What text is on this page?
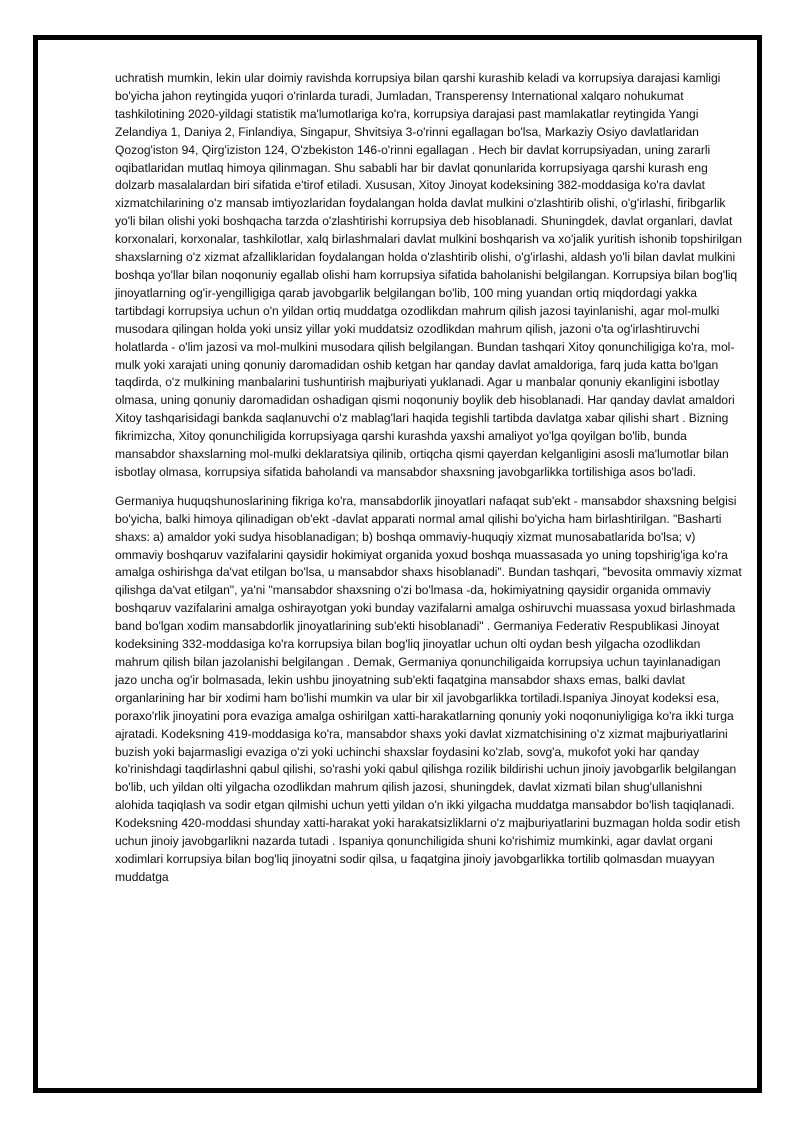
uchratish mumkin, lekin ular doimiy ravishda korrupsiya bilan qarshi kurashib keladi va korrupsiya darajasi kamligi bo'yicha jahon reytingida yuqori o'rinlarda turadi, Jumladan, Transperensy International xalqaro nohukumat tashkilotining 2020-yildagi statistik ma'lumotlariga ko'ra, korrupsiya darajasi past mamlakatlar reytingida Yangi Zelandiya 1, Daniya 2, Finlandiya, Singapur, Shvitsiya 3-o'rinni egallagan bo'lsa, Markaziy Osiyo davlatlaridan Qozog'iston 94, Qirg'iziston 124, O'zbekiston 146-o'rinni egallagan . Hech bir davlat korrupsiyadan, uning zararli oqibatlaridan mutlaq himoya qilinmagan. Shu sababli har bir davlat qonunlarida korrupsiyaga qarshi kurash eng dolzarb masalalardan biri sifatida e'tirof etiladi. Xususan, Xitoy Jinoyat kodeksining 382-moddasiga ko'ra davlat xizmatchilarining o'z mansab imtiyozlaridan foydalangan holda davlat mulkini o'zlashtirib olishi, o'g'irlashi, firibgarlik yo'li bilan olishi yoki boshqacha tarzda o'zlashtirishi korrupsiya deb hisoblanadi. Shuningdek, davlat organlari, davlat korxonalari, korxonalar, tashkilotlar, xalq birlashmalari davlat mulkini boshqarish va xo'jalik yuritish ishonib topshirilgan shaxslarning o'z xizmat afzalliklaridan foydalangan holda o'zlashtirib olishi, o'g'irlashi, aldash yo'li bilan davlat mulkini boshqa yo'llar bilan noqonuniy egallab olishi ham korrupsiya sifatida baholanishi belgilangan. Korrupsiya bilan bog'liq jinoyatlarning og'ir-yengilligiga qarab javobgarlik belgilangan bo'lib, 100 ming yuandan ortiq miqdordagi yakka tartibdagi korrupsiya uchun o'n yildan ortiq muddatga ozodlikdan mahrum qilish jazosi tayinlanishi, agar mol-mulki musodara qilingan holda yoki unsiz yillar yoki muddatsiz ozodlikdan mahrum qilish, jazoni o'ta og'irlashtiruvchi holatlarda - o'lim jazosi va mol-mulkini musodara qilish belgilangan. Bundan tashqari Xitoy qonunchiligiga ko'ra, mol-mulk yoki xarajati uning qonuniy daromadidan oshib ketgan har qanday davlat amaldoriga, farq juda katta bo'lgan taqdirda, o'z mulkining manbalarini tushuntirish majburiyati yuklanadi. Agar u manbalar qonuniy ekanligini isbotlay olmasa, uning qonuniy daromadidan oshadigan qismi noqonuniy boylik deb hisoblanadi. Har qanday davlat amaldori Xitoy tashqarisidagi bankda saqlanuvchi o'z mablag'lari haqida tegishli tartibda davlatga xabar qilishi shart . Bizning fikrimizcha, Xitoy qonunchiligida korrupsiyaga qarshi kurashda yaxshi amaliyot yo'lga qoyilgan bo'lib, bunda mansabdor shaxslarning mol-mulki deklaratsiya qilinib, ortiqcha qismi qayerdan kelganligini asosli ma'lumotlar bilan isbotlay olmasa, korrupsiya sifatida baholandi va mansabdor shaxsning javobgarlikka tortilishiga asos bo'ladi.

Germaniya huquqshunoslarining fikriga ko'ra, mansabdorlik jinoyatlari nafaqat sub'ekt - mansabdor shaxsning belgisi bo'yicha, balki himoya qilinadigan ob'ekt -davlat apparati normal amal qilishi bo'yicha ham birlashtirilgan. "Basharti shaxs: a) amaldor yoki sudya hisoblanadigan; b) boshqa ommaviy-huquqiy xizmat munosabatlarida bo'lsa; v) ommaviy boshqaruv vazifalarini qaysidir hokimiyat organida yoxud boshqa muassasada yo uning topshirig'iga ko'ra amalga oshirishga da'vat etilgan bo'lsa, u mansabdor shaxs hisoblanadi". Bundan tashqari, "bevosita ommaviy xizmat qilishga da'vat etilgan", ya'ni "mansabdor shaxsning o'zi bo'lmasa -da, hokimiyatning qaysidir organida ommaviy boshqaruv vazifalarini amalga oshirayotgan yoki bunday vazifalarni amalga oshiruvchi muassasa yoxud birlashmada band bo'lgan xodim mansabdorlik jinoyatlarining sub'ekti hisoblanadi" . Germaniya Federativ Respublikasi Jinoyat kodeksining 332-moddasiga ko'ra korrupsiya bilan bog'liq jinoyatlar uchun olti oydan besh yilgacha ozodlikdan mahrum qilish bilan jazolanishi belgilangan . Demak, Germaniya qonunchiligaida korrupsiya uchun tayinlanadigan jazo uncha og'ir bolmasada, lekin ushbu jinoyatning sub'ekti faqatgina mansabdor shaxs emas, balki davlat organlarining har bir xodimi ham bo'lishi mumkin va ular bir xil javobgarlikka tortiladi.Ispaniya Jinoyat kodeksi esa, poraxo'rlik jinoyatini pora evaziga amalga oshirilgan xatti-harakatlarning qonuniy yoki noqonuniyligiga ko'ra ikki turga ajratadi. Kodeksning 419-moddasiga ko'ra, mansabdor shaxs yoki davlat xizmatchisining o'z xizmat majburiyatlarini buzish yoki bajarmasligi evaziga o'zi yoki uchinchi shaxslar foydasini ko'zlab, sovg'a, mukofot yoki har qanday ko'rinishdagi taqdirlashni qabul qilishi, so'rashi yoki qabul qilishga rozilik bildirishi uchun jinoiy javobgarlik belgilangan bo'lib, uch yildan olti yilgacha ozodlikdan mahrum qilish jazosi, shuningdek, davlat xizmati bilan shug'ullanishni alohida taqiqlash va sodir etgan qilmishi uchun yetti yildan o'n ikki yilgacha muddatga mansabdor bo'lish taqiqlanadi. Kodeksning 420-moddasi shunday xatti-harakat yoki harakatsizliklarni o'z majburiyatlarini buzmagan holda sodir etish uchun jinoiy javobgarlikni nazarda tutadi . Ispaniya qonunchiligida shuni ko'rishimiz mumkinki, agar davlat organi xodimlari korrupsiya bilan bog'liq jinoyatni sodir qilsa, u faqatgina jinoiy javobgarlikka tortilib qolmasdan muayyan muddatga
